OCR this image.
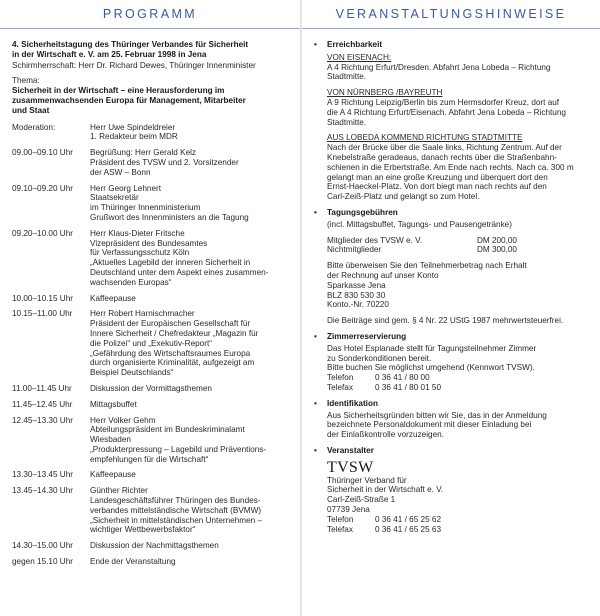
PROGRAMM
4. Sicherheitstagung des Thüringer Verbandes für Sicherheit
in der Wirtschaft e. V. am 25. Februar 1998 in Jena
Schirmherrschaft: Herr Dr. Richard Dewes, Thüringer Innenminister
Thema:
Sicherheit in der Wirtschaft – eine Herausforderung im
zusammenwachsenden Europa für Management, Mitarbeiter
und Staat
Moderation:	Herr Uwe Spindeldreier
1. Redakteur beim MDR
09.00–09.10 Uhr	Begrüßung: Herr Gerald Kelz
Präsident des TVSW und 2. Vorsitzender
der ASW – Bonn
09.10–09.20 Uhr	Herr Georg Lehnert
Staatsekretär
im Thüringer Innenministerium
Grußwort des Innenministers an die Tagung
09.20–10.00 Uhr	Herr Klaus-Dieter Fritsche
Vizepräsident des Bundesamtes
für Verfassungsschutz Köln
„Aktuelles Lagebild der inneren Sicherheit in
Deutschland unter dem Aspekt eines zusammen-
wachsenden Europas“
10.00–10.15 Uhr	Kaffeepause
10.15–11.00 Uhr	Herr Robert Harnischmacher
Präsident der Europäischen Gesellschaft für
Innere Sicherheit / Chefredakteur „Magazin für
die Polizei“ und „Exekutiv-Report“
„Gefährdung des Wirtschaftsraumes Europa
durch organisierte Kriminalität, aufgezeigt am
Beispiel Deutschlands“
11.00–11.45 Uhr	Diskussion der Vormittagsthemen
11.45–12.45 Uhr	Mittagsbuffet
12.45–13.30 Uhr	Herr Volker Gehm
Abteilungspräsident im Bundeskriminalamt
Wiesbaden
„Produkterpressung – Lagebild und Präventions-
empfehlungen für die Wirtschaft“
13.30–13.45 Uhr	Kaffeepause
13.45–14.30 Uhr	Günther Richter
Landesgeschäftsführer Thüringen des Bundes-
verbandes mittelständische Wirtschaft (BVMW)
„Sicherheit in mittelständischen Unternehmen –
wichtiger Wettbewerbsfaktor“
14.30–15.00 Uhr	Diskussion der Nachmittagsthemen
gegen 15.10 Uhr	Ende der Veranstaltung
VERANSTALTUNGSHINWEISE
•	Erreichbarkeit
VON EISENACH:
A 4 Richtung Erfurt/Dresden. Abfahrt Jena Lobeda – Richtung
Stadtmitte.
VON NÜRNBERG /BAYREUTH
A 9 Richtung Leipzig/Berlin bis zum Hermsdorfer Kreuz, dort auf
die A 4 Richtung Erfurt/Eisenach. Abfahrt Jena Lobeda – Richtung
Stadtmitte.
AUS LOBEDA KOMMEND RICHTUNG STADTMITTE
Nach der Brücke über die Saale links, Richtung Zentrum. Auf der
Knebelstraße geradeaus, danach rechts über die Straßenbahn-
schienen in die Erbertstraße. Am Ende nach rechts. Nach ca. 300 m
gelangt man an eine große Kreuzung und überquert dort den
Ernst-Haeckel-Platz. Von dort biegt man nach rechts auf den
Carl-Zeiß-Platz und gelangt so zum Hotel.
•	Tagungsgebühren
(incl. Mittagsbuffet, Tagungs- und Pausengetränke)
Mitglieder des TVSW e. V.	DM 200,00
Nichtmitglieder	DM 300,00
Bitte überweisen Sie den Teilnehmerbetrag nach Erhalt
der Rechnung auf unser Konto
Sparkasse Jena
BLZ 830 530 30
Konto.-Nr. 70220
Die Beiträge sind gem. § 4 Nr. 22 UStG 1987 mehrwertsteuerfrei.
•	Zimmerreservierung
Das Hotel Esplanade stellt für Tagungsteilnehmer Zimmer
zu Sonderkonditionen bereit.
Bitte buchen Sie möglichst umgehend (Kennwort TVSW).
Telefon	0 36 41 / 80 00
Telefax	0 36 41 / 80 01 50
•	Identifikation
Aus Sicherheitsgründen bitten wir Sie, das in der Anmeldung
bezeichnete Personaldokument mit dieser Einladung bei
der Einlaßkontrolle vorzuzeigen.
•	Veranstalter
TVSW
Thüringer Verband für
Sicherheit in der Wirtschaft e. V.
Carl-Zeiß-Straße 1
07739 Jena
Telefon	0 36 41 / 65 25 62
Telefax	0 36 41 / 65 25 63
